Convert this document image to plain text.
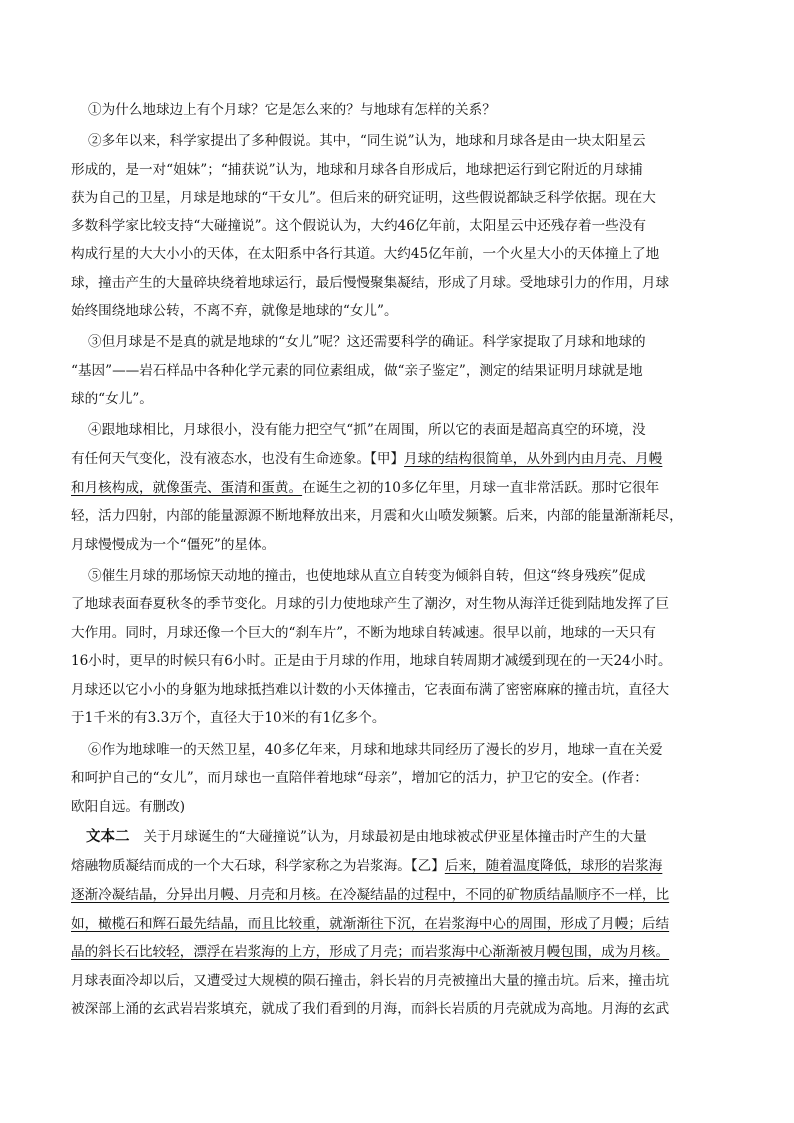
①为什么地球边上有个月球？它是怎么来的？与地球有怎样的关系？
②多年以来，科学家提出了多种假说。其中，“同生说”认为，地球和月球各是由一块太阳星云
形成的，是一对“姐妹”；“捕获说”认为，地球和月球各自形成后，地球把运行到它附近的月球捕
获为自己的卫星，月球是地球的“干女儿”。但后来的研究证明，这些假说都缺乏科学依据。现在大
多数科学家比较支持“大碰撞说”。这个假说认为，大约46亿年前，太阳星云中还残存着一些没有
构成行星的大大小小的天体，在太阳系中各行其道。大约45亿年前，一个火星大小的天体撞上了地
球，撞击产生的大量碎块绕着地球运行，最后慢慢聚集凝结，形成了月球。受地球引力的作用，月球
始终围绕地球公转，不离不弃，就像是地球的“女儿”。
③但月球是不是真的就是地球的“女儿”呢？这还需要科学的确证。科学家提取了月球和地球的
“基因”——岩石样品中各种化学元素的同位素组成，做“亲子鉴定”，测定的结果证明月球就是地
球的“女儿”。
④跟地球相比，月球很小，没有能力把空气“抓”在周围，所以它的表面是超高真空的环境，没
有任何天气变化，没有液态水，也没有生命迹象。【甲】月球的结构很简单，从外到内由月壳、月幔
和月核构成，就像蛋壳、蛋清和蛋黄。在诞生之初的10多亿年里，月球一直非常活跃。那时它很年
轻，活力四射，内部的能量源源不断地释放出来，月震和火山喷发频繁。后来，内部的能量渐渐耗尽，
月球慢慢成为一个“僵死”的星体。
⑤催生月球的那场惊天动地的撞击，也使地球从直立自转变为倾斜自转，但这“终身残疾”促成
了地球表面春夏秋冬的季节变化。月球的引力使地球产生了潮汐，对生物从海洋迁徙到陆地发挥了巨
大作用。同时，月球还像一个巨大的“刹车片”，不断为地球自转减速。很早以前，地球的一天只有
16小时，更早的时候只有6小时。正是由于月球的作用，地球自转周期才减缓到现在的一天24小时。
月球还以它小小的身躯为地球抵挡难以计数的小天体撞击，它表面布满了密密麻麻的撞击坑，直径大
于1千米的有3.3万个，直径大于10米的有1亿多个。
⑥作为地球唯一的天然卫星，40多亿年来，月球和地球共同经历了漫长的岁月，地球一直在关爱
和呵护自己的“女儿”，而月球也一直陪伴着地球“母亲”，增加它的活力，护卫它的安全。(作者：
欧阳自远。有删改)
文本二 关于月球诞生的“大碰撞说”认为，月球最初是由地球被忒伊亚星体撞击时产生的大量
熔融物质凝结而成的一个大石球，科学家称之为岩浆海。【乙】后来，随着温度降低，球形的岩浆海
逐渐冷凝结晶，分异出月幔、月壳和月核。在冷凝结晶的过程中，不同的矿物质结晶顺序不一样，比
如，橄榄石和辉石最先结晶，而且比较重，就渐渐往下沉，在岩浆海中心的周围，形成了月幔；后结
晶的斜长石比较轻，漂浮在岩浆海的上方，形成了月壳；而岩浆海中心渐渐被月幔包围，成为月核。
月球表面冷却以后，又遭受过大规模的陨石撞击，斜长岩的月壳被撞出大量的撞击坑。后来，撞击坑
被深部上涌的玄武岩岩浆填充，就成了我们看到的月海，而斜长岩质的月壳就成为高地。月海的玄武
